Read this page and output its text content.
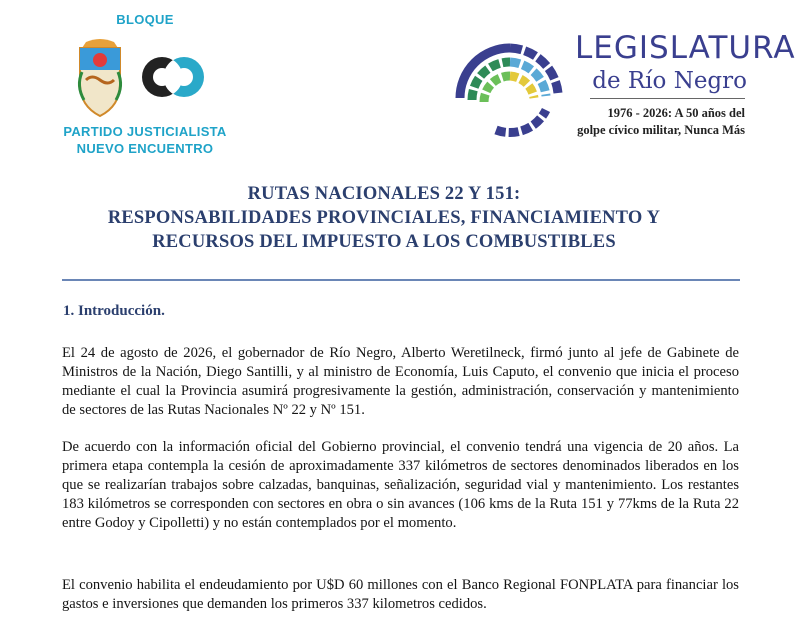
BLOQUE
PARTIDO JUSTICIALISTA
NUEVO ENCUENTRO
LEGISLATURA
de Río Negro
1976 - 2026: A 50 años del
golpe cívico militar, Nunca Más
RUTAS NACIONALES 22 Y 151:
RESPONSABILIDADES PROVINCIALES, FINANCIAMIENTO Y
RECURSOS DEL IMPUESTO A LOS COMBUSTIBLES
1. Introducción.

El 24 de agosto de 2026, el gobernador de Río Negro, Alberto Weretilneck, firmó junto al jefe de Gabinete de Ministros de la Nación, Diego Santilli, y al ministro de Economía, Luis Caputo, el convenio que inicia el proceso mediante el cual la Provincia asumirá progresivamente la gestión, administración, conservación y mantenimiento de sectores de las Rutas Nacionales Nº 22 y Nº 151.

De acuerdo con la información oficial del Gobierno provincial, el convenio tendrá una vigencia de 20 años. La primera etapa contempla la cesión de aproximadamente 337 kilómetros de sectores denominados liberados en los que se realizarían trabajos sobre calzadas, banquinas, señalización, seguridad vial y mantenimiento. Los restantes 183 kilómetros se corresponden con sectores en obra o sin avances (106 kms de la Ruta 151 y 77kms de la Ruta 22 entre Godoy y Cipolletti) y no están contemplados por el momento.

El convenio habilita el endeudamiento por U$D 60 millones con el Banco Regional FONPLATA para financiar los gastos e inversiones que demanden los primeros 337 kilometros cedidos.
